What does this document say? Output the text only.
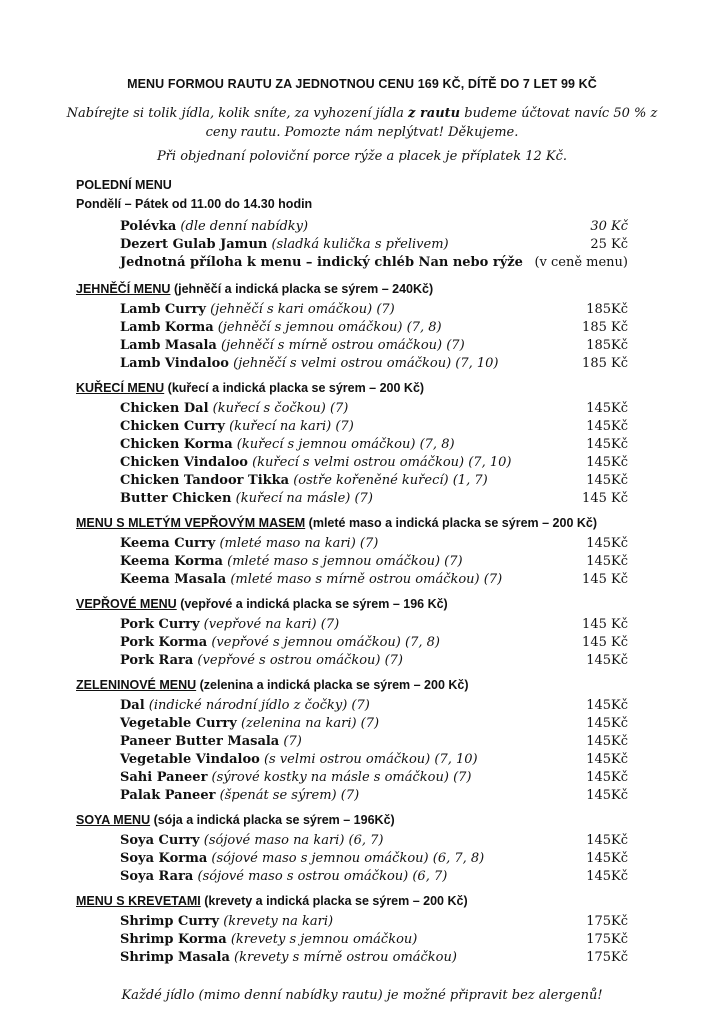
MENU FORMOU RAUTU ZA JEDNOTNOU CENU 169 KČ, DÍTĚ DO 7 LET 99 KČ
Nabírejte si tolik jídla, kolik sníte, za vyhození jídla z rautu budeme účtovat navíc 50 % z ceny rautu. Pomozte nám neplýtvat! Děkujeme.
Při objednaní poloviční porce rýže a placek je příplatek 12 Kč.
POLEDNÍ MENU
Pondělí – Pátek od 11.00 do 14.30 hodin
Polévka (dle denní nabídky)	30 Kč
Dezert Gulab Jamun (sladká kulička s přelivem)	25 Kč
Jednotná příloha k menu – indický chléb Nan nebo rýže (v ceně menu)
JEHNĚČÍ MENU (jehněčí a indická placka se sýrem – 240Kč)
Lamb Curry (jehněčí s kari omáčkou) (7)	185Kč
Lamb Korma (jehněčí s jemnou omáčkou) (7, 8)	185 Kč
Lamb Masala (jehněčí s mírně ostrou omáčkou) (7)	185Kč
Lamb Vindaloo (jehněčí s velmi ostrou omáčkou) (7, 10)	185 Kč
KUŘECÍ MENU (kuřecí a indická placka se sýrem – 200 Kč)
Chicken Dal (kuřecí s čočkou) (7)	145Kč
Chicken Curry (kuřecí na kari) (7)	145Kč
Chicken Korma (kuřecí s jemnou omáčkou) (7, 8)	145Kč
Chicken Vindaloo (kuřecí s velmi ostrou omáčkou) (7, 10)	145Kč
Chicken Tandoor Tikka (ostře kořeněné kuřecí) (1, 7)	145Kč
Butter Chicken (kuřecí na másle) (7)	145 Kč
MENU S MLETÝM VEPŘOVÝM MASEM (mleté maso a indická placka se sýrem – 200 Kč)
Keema Curry (mleté maso na kari) (7)	145Kč
Keema Korma (mleté maso s jemnou omáčkou) (7)	145Kč
Keema Masala (mleté maso s mírně ostrou omáčkou) (7)	145 Kč
VEPŘOVÉ MENU (vepřové a indická placka se sýrem – 196 Kč)
Pork Curry (vepřové na kari) (7)	145 Kč
Pork Korma (vepřové s jemnou omáčkou) (7, 8)	145 Kč
Pork Rara (vepřové s ostrou omáčkou) (7)	145Kč
ZELENINOVÉ MENU (zelenina a indická placka se sýrem – 200 Kč)
Dal (indické národní jídlo z čočky) (7)	145Kč
Vegetable Curry (zelenina na kari) (7)	145Kč
Paneer Butter Masala (7)	145Kč
Vegetable Vindaloo (s velmi ostrou omáčkou) (7, 10)	145Kč
Sahi Paneer (sýrové kostky na másle s omáčkou) (7)	145Kč
Palak Paneer (špenát se sýrem) (7)	145Kč
SOYA MENU (sója a indická placka se sýrem – 196Kč)
Soya Curry (sójové maso na kari) (6, 7)	145Kč
Soya Korma (sójové maso s jemnou omáčkou) (6, 7, 8)	145Kč
Soya Rara (sójové maso s ostrou omáčkou) (6, 7)	145Kč
MENU S KREVETAMI (krevety a indická placka se sýrem – 200 Kč)
Shrimp Curry (krevety na kari)	175Kč
Shrimp Korma (krevety s jemnou omáčkou)	175Kč
Shrimp Masala (krevety s mírně ostrou omáčkou)	175Kč
Každé jídlo (mimo denní nabídky rautu) je možné připravit bez alergenů!
